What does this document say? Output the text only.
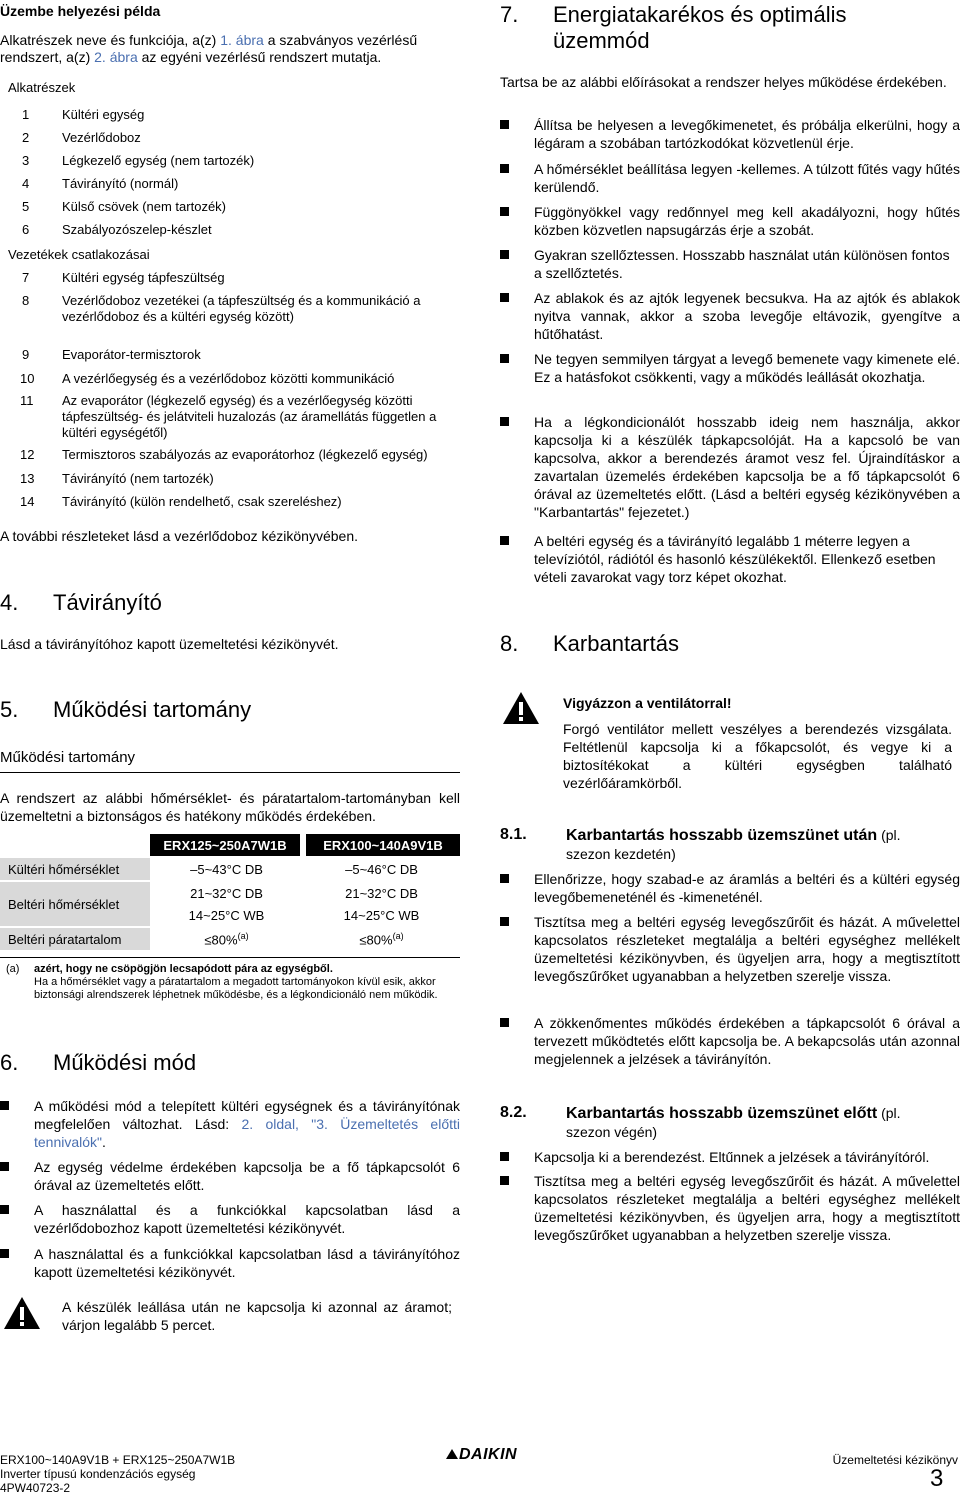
Üzembe helyezési példa
Alkatrészek neve és funkciója, a(z) 1. ábra a szabványos vezérlésű
rendszert, a(z) 2. ábra az egyéni vezérlésű rendszert mutatja.
Alkatrészek
1	Kültéri egység
2	Vezérlődoboz
3	Légkezelő egység (nem tartozék)
4	Távirányító (normál)
5	Külső csövek (nem tartozék)
6	Szabályozószelep-készlet
Vezetékek csatlakozásai
7	Kültéri egység tápfeszültség
8	Vezérlődoboz vezetékei (a tápfeszültség és a kommunikáció a vezérlődoboz és a kültéri egység között)
9	Evaporátor-termisztorok
10	A vezérlőegység és a vezérlődoboz közötti kommunikáció
11	Az evaporátor (légkezelő egység) és a vezérlőegység közötti tápfeszültség- és jelátviteli huzalozás (az áramellátás független a kültéri egységétől)
12	Termisztoros szabályozás az evaporátorhoz (légkezelő egység)
13	Távirányító (nem tartozék)
14	Távirányító (külön rendelhető, csak szereléshez)
A további részleteket lásd a vezérlődoboz kézikönyvében.
4. Távirányító
Lásd a távirányítóhoz kapott üzemeltetési kézikönyvét.
5. Működési tartomány
Működési tartomány
A rendszert az alábbi hőmérséklet- és páratartalom-tartományban kell üzemeltetni a biztonságos és hatékony működés érdekében.
	ERX125~250A7W1B	ERX100~140A9V1B
Kültéri hőmérséklet	–5~43°C DB	–5~46°C DB
Beltéri hőmérséklet	21~32°C DB	21~32°C DB
	14~25°C WB	14~25°C WB
Beltéri páratartalom	≤80%$^{(a)}$	≤80%$^{(a)}$
(a) azért, hogy ne csöpögjön lecsapódott pára az egységből.
Ha a hőmérséklet vagy a páratartalom a megadott tartományokon kívül esik, akkor biztonsági alrendszerek léphetnek működésbe, és a légkondicionáló nem működik.
6. Működési mód
A működési mód a telepített kültéri egységnek és a távirányítónak megfelelően változhat. Lásd: 2. oldal, "3. Üzemeltetés előtti tennivalók".
Az egység védelme érdekében kapcsolja be a fő tápkapcsolót 6 órával az üzemeltetés előtt.
A használattal és a funkciókkal kapcsolatban lásd a vezérlődobozhoz kapott üzemeltetési kézikönyvét.
A használattal és a funkciókkal kapcsolatban lásd a távirányítóhoz kapott üzemeltetési kézikönyvét.
A készülék leállása után ne kapcsolja ki azonnal az áramot; várjon legalább 5 percet.
7. Energiatakarékos és optimális
üzemmód
Tartsa be az alábbi előírásokat a rendszer helyes működése érdekében.
Állítsa be helyesen a levegőkimenetet, és próbálja elkerülni, hogy a légáram a szobában tartózkodókat közvetlenül érje.
A hőmérséklet beállítása legyen -kellemes. A túlzott fűtés vagy hűtés kerülendő.
Függönyökkel vagy redőnnyel meg kell akadályozni, hogy hűtés közben közvetlen napsugárzás érje a szobát.
Gyakran szellőztessen. Hosszabb használat után különösen fontos a szellőztetés.
Az ablakok és az ajtók legyenek becsukva. Ha az ajtók és ablakok nyitva vannak, akkor a szoba levegője eltávozik, gyengítve a hűtőhatást.
Ne tegyen semmilyen tárgyat a levegő bemenete vagy kimenete elé. Ez a hatásfokot csökkenti, vagy a működés leállását okozhatja.
Ha a légkondicionálót hosszabb ideig nem használja, akkor kapcsolja ki a készülék tápkapcsolóját. Ha a kapcsoló be van kapcsolva, akkor a berendezés áramot vesz fel. Újraindításkor a zavartalan üzemelés érdekében kapcsolja be a fő tápkapcsolót 6 órával az üzemeltetés előtt. (Lásd a beltéri egység kézikönyvében a "Karbantartás" fejezetet.)
A beltéri egység és a távirányító legalább 1 méterre legyen a televíziótól, rádiótól és hasonló készülékektől. Ellenkező esetben vételi zavarokat vagy torz képet okozhat.
8. Karbantartás
Vigyázzon a ventilátorral!
Forgó ventilátor mellett veszélyes a berendezés vizsgálata. Feltétlenül kapcsolja ki a főkapcsolót, és vegye ki a biztosítékokat a kültéri egységben található vezérlőáramkörből.
8.1. Karbantartás hosszabb üzemszünet után (pl.
szezon kezdetén)
Ellenőrizze, hogy szabad-e az áramlás a beltéri és a kültéri egység levegőbemeneténél és -kimeneténél.
Tisztítsa meg a beltéri egység levegőszűrőit és házát. A művelettel kapcsolatos részleteket megtalálja a beltéri egységhez mellékelt üzemeltetési kézikönyvben, és ügyeljen arra, hogy a megtisztított levegőszűrőket ugyanabban a helyzetben szerelje vissza.
A zökkenőmentes működés érdekében a tápkapcsolót 6 órával a tervezett működtetés előtt kapcsolja be. A bekapcsolás után azonnal megjelennek a jelzések a távirányítón.
8.2. Karbantartás hosszabb üzemszünet előtt (pl.
szezon végén)
Kapcsolja ki a berendezést. Eltűnnek a jelzések a távirányítóról.
Tisztítsa meg a beltéri egység levegőszűrőit és házát. A művelettel kapcsolatos részleteket megtalálja a beltéri egységhez mellékelt üzemeltetési kézikönyvben, és ügyeljen arra, hogy a megtisztított levegőszűrőket ugyanabban a helyzetben szerelje vissza.
ERX100~140A9V1B + ERX125~250A7W1B
Inverter típusú kondenzációs egység
4PW40723-2
DAIKIN	Üzemeltetési kézikönyv
3
